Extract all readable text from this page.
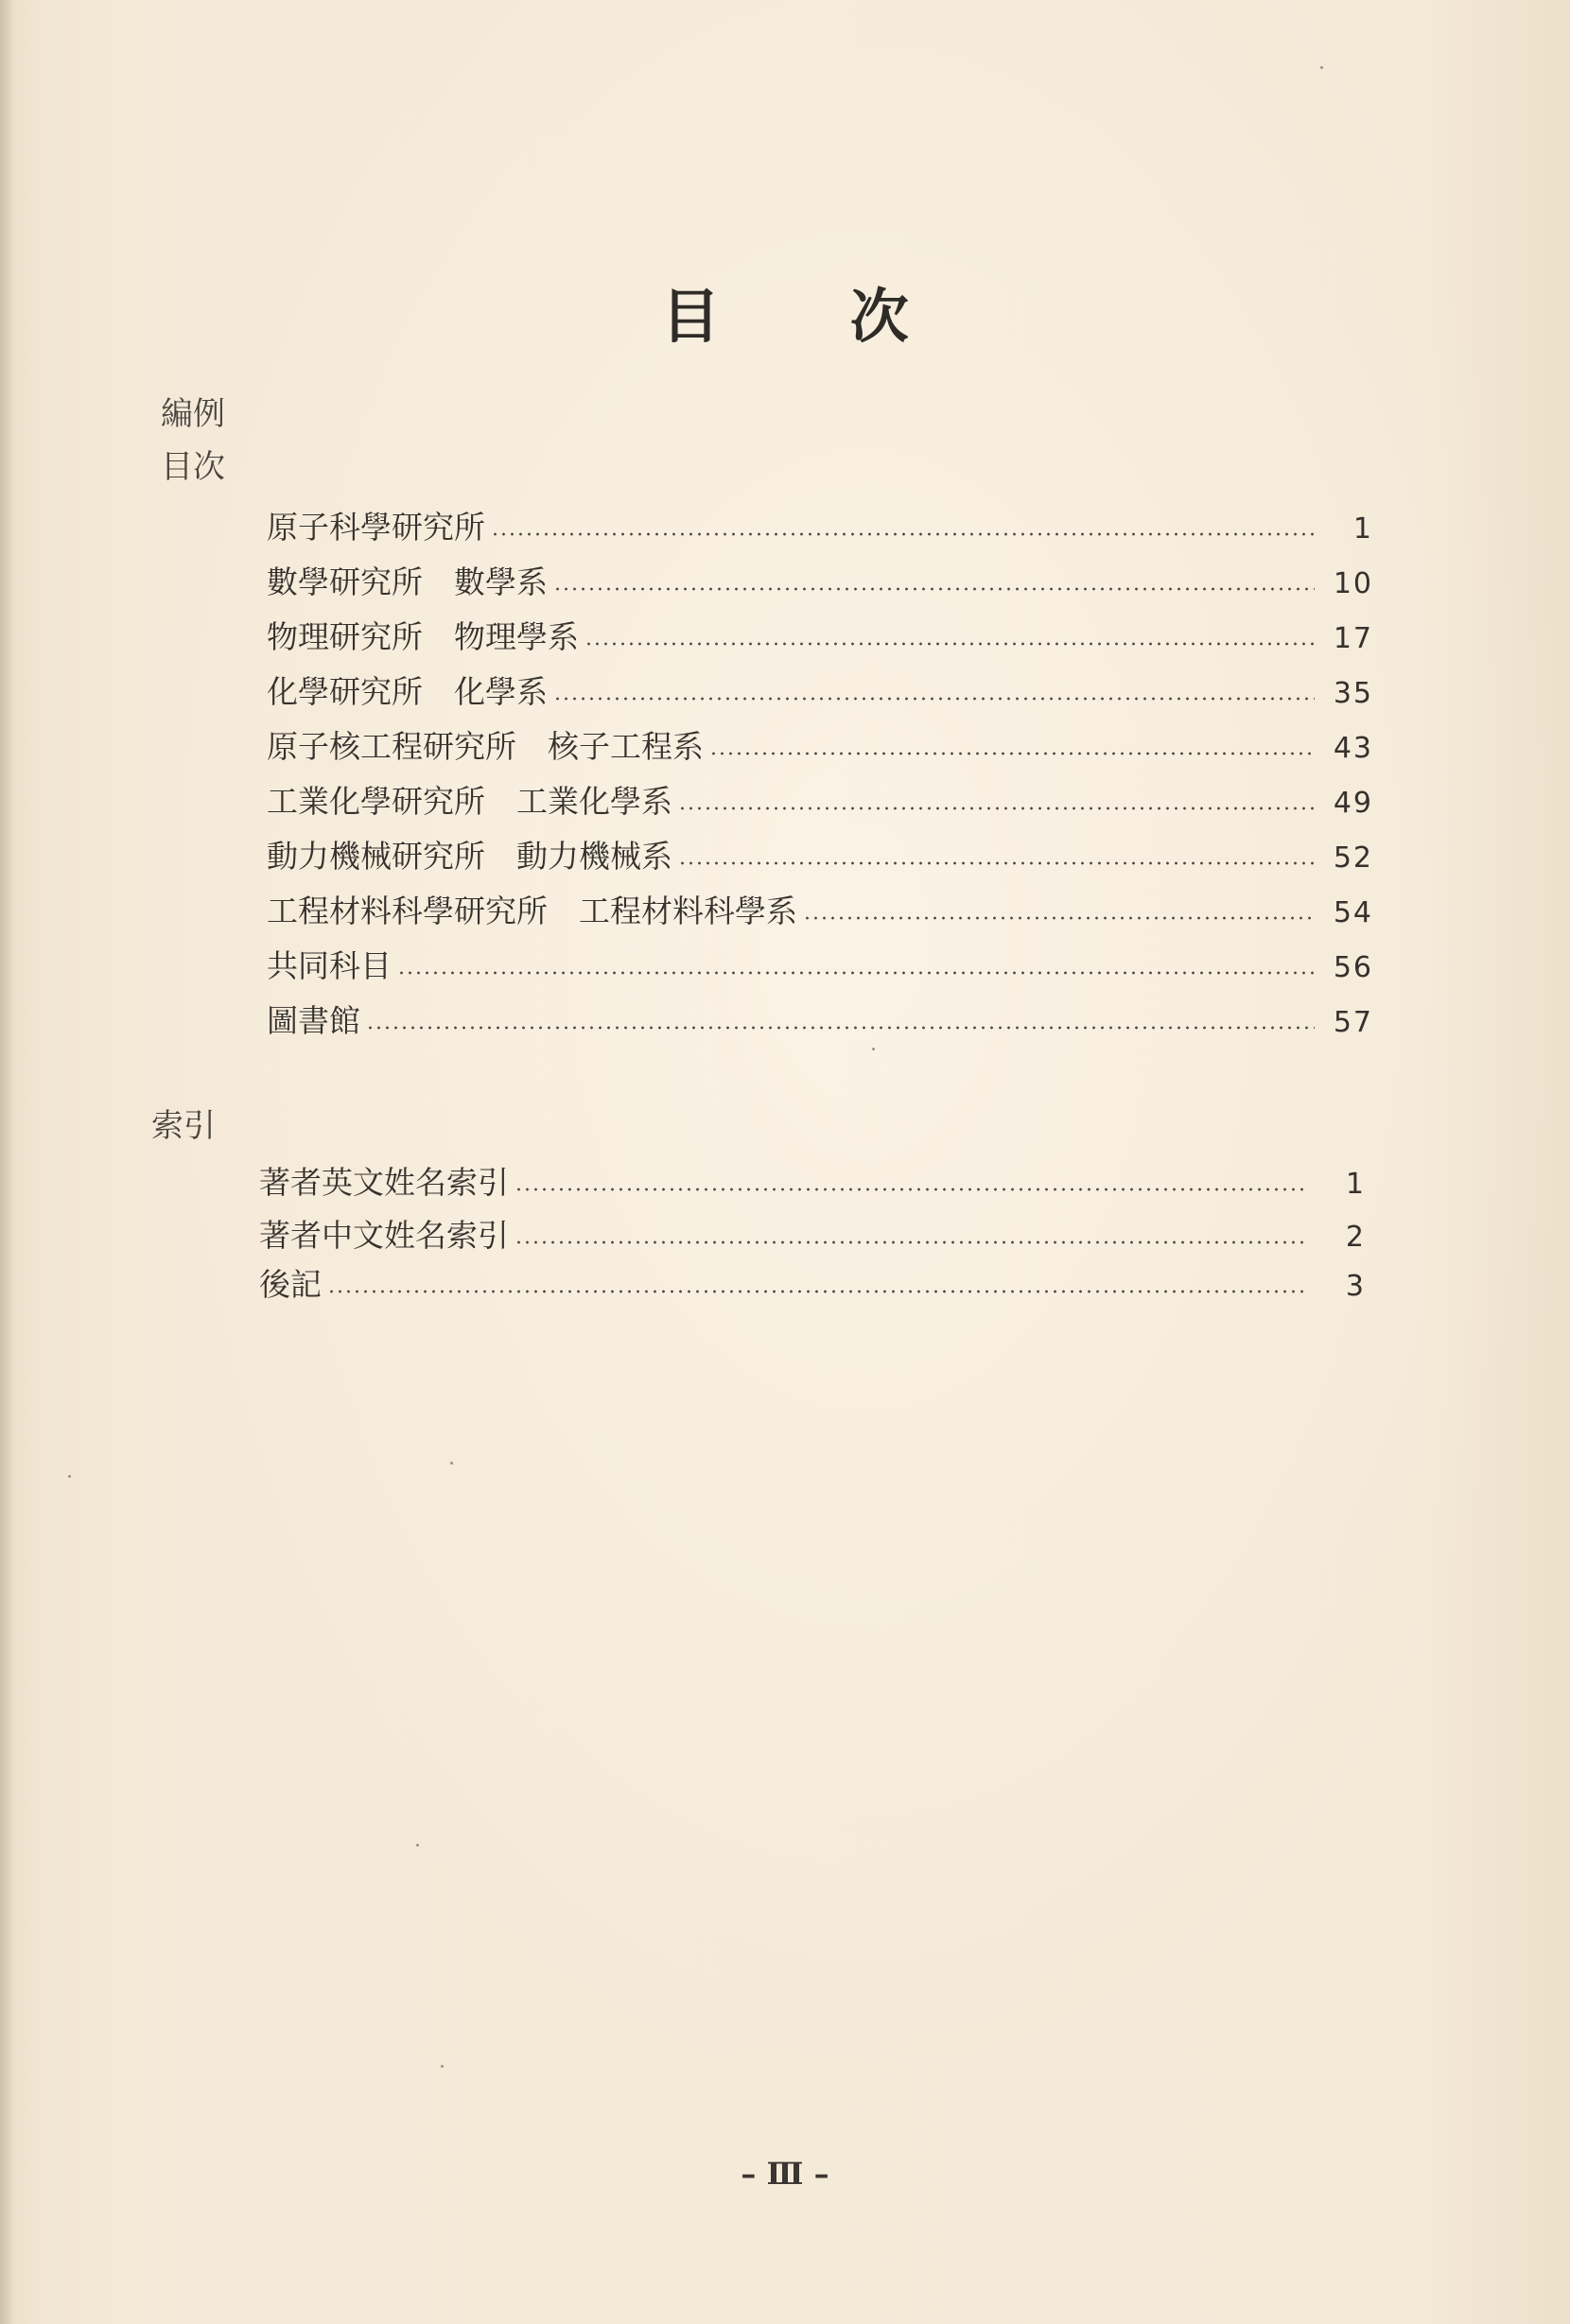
目 次
編例
目次
原子科學研究所	1
數學研究所　數學系	10
物理研究所　物理學系	17
化學研究所　化學系	35
原子核工程研究所　核子工程系	43
工業化學研究所　工業化學系	49
動力機械研究所　動力機械系	52
工程材料科學研究所　工程材料科學系	54
共同科目	56
圖書館	57
索引
著者英文姓名索引	1
著者中文姓名索引	2
後記	3
– Ⅲ –
